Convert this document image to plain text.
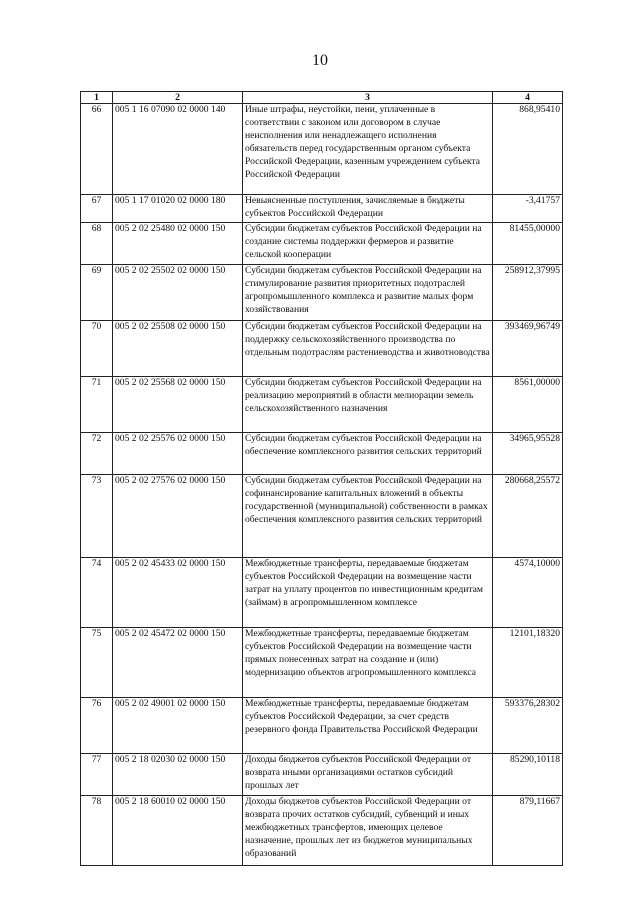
10
1	2	3	4
66	005 1 16 07090 02 0000 140	Иные штрафы, неустойки, пени, уплаченные в соответствии с законом или договором в случае неисполнения или ненадлежащего исполнения обязательств перед государственным органом субъекта Российской Федерации, казенным учреждением субъекта Российской Федерации	868,95410
67	005 1 17 01020 02 0000 180	Невыясненные поступления, зачисляемые в бюджеты субъектов Российской Федерации	-3,41757
68	005 2 02 25480 02 0000 150	Субсидии бюджетам субъектов Российской Федерации на создание системы поддержки фермеров и развитие сельской кооперации	81455,00000
69	005 2 02 25502 02 0000 150	Субсидии бюджетам субъектов Российской Федерации на стимулирование развития приоритетных подотраслей агропромышленного комплекса и развитие малых форм хозяйствования	258912,37995
70	005 2 02 25508 02 0000 150	Субсидии бюджетам субъектов Российской Федерации на поддержку сельскохозяйственного производства по отдельным подотраслям растениеводства и животноводства	393469,96749
71	005 2 02 25568 02 0000 150	Субсидии бюджетам субъектов Российской Федерации на реализацию мероприятий в области мелиорации земель сельскохозяйственного назначения	8561,00000
72	005 2 02 25576 02 0000 150	Субсидии бюджетам субъектов Российской Федерации на обеспечение комплексного развития сельских территорий	34965,95528
73	005 2 02 27576 02 0000 150	Субсидии бюджетам субъектов Российской Федерации на софинансирование капитальных вложений в объекты государственной (муниципальной) собственности в рамках обеспечения комплексного развития сельских территорий	280668,25572
74	005 2 02 45433 02 0000 150	Межбюджетные трансферты, передаваемые бюджетам субъектов Российской Федерации на возмещение части затрат на уплату процентов по инвестиционным кредитам (займам) в агропромышленном комплексе	4574,10000
75	005 2 02 45472 02 0000 150	Межбюджетные трансферты, передаваемые бюджетам субъектов Российской Федерации на возмещение части прямых понесенных затрат на создание и (или) модернизацию объектов агропромышленного комплекса	12101,18320
76	005 2 02 49001 02 0000 150	Межбюджетные трансферты, передаваемые бюджетам субъектов Российской Федерации, за счет средств резервного фонда Правительства Российской Федерации	593376,28302
77	005 2 18 02030 02 0000 150	Доходы бюджетов субъектов Российской Федерации от возврата иными организациями остатков субсидий прошлых лет	85290,10118
78	005 2 18 60010 02 0000 150	Доходы бюджетов субъектов Российской Федерации от возврата прочих остатков субсидий, субвенций и иных межбюджетных трансфертов, имеющих целевое назначение, прошлых лет из бюджетов муниципальных образований	879,11667
